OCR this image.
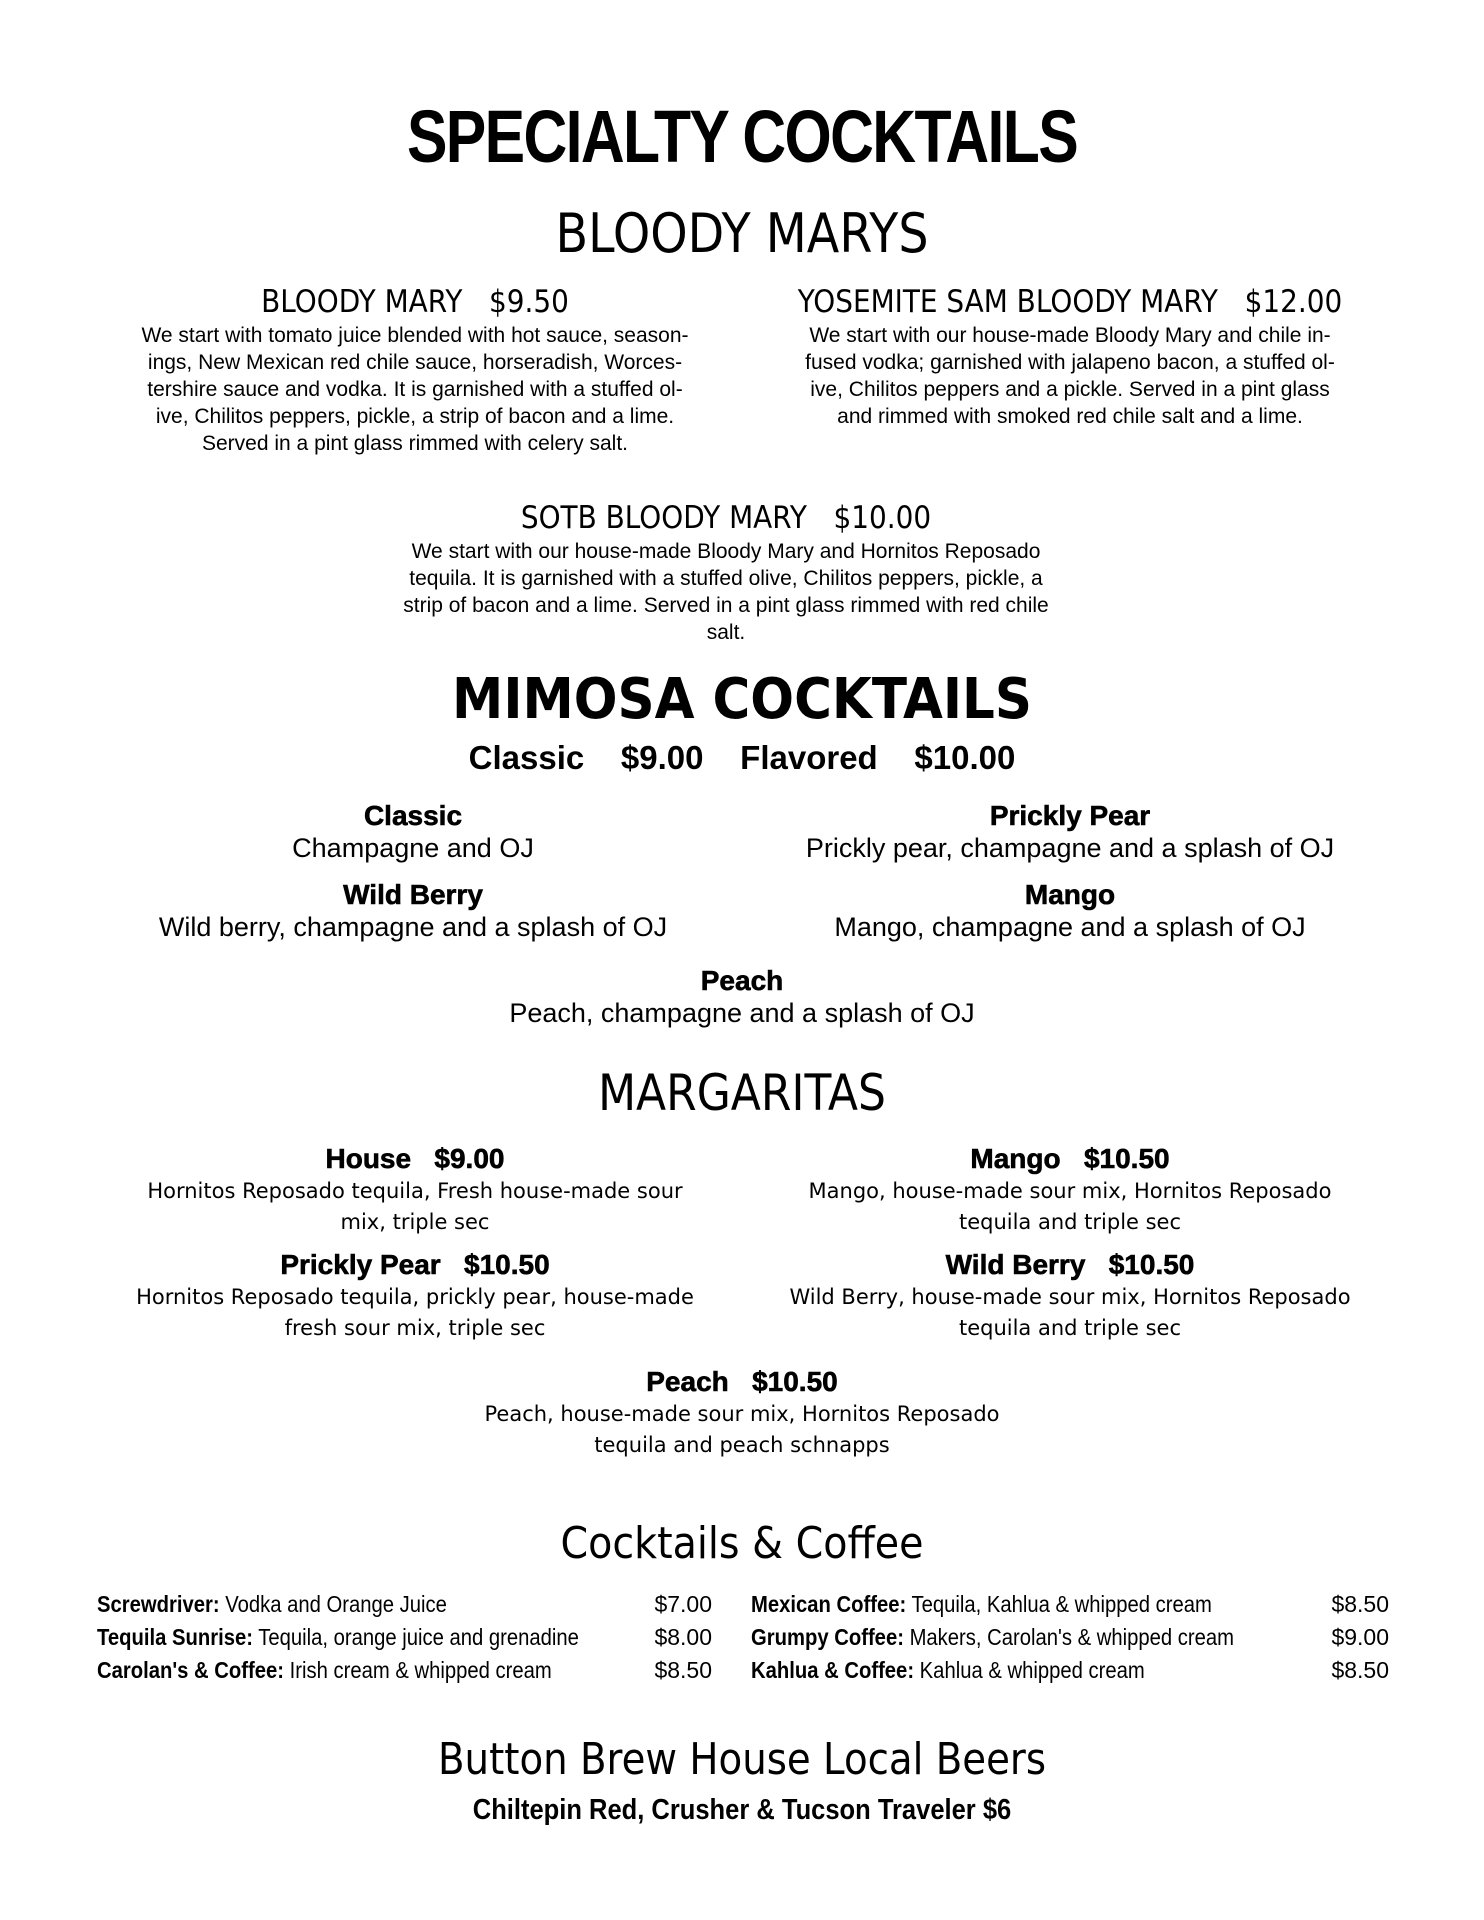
SPECIALTY COCKTAILS
BLOODY MARYS
BLOODY MARY   $9.50
We start with tomato juice blended with hot sauce, season-
ings, New Mexican red chile sauce, horseradish, Worces-
tershire sauce and vodka. It is garnished with a stuffed ol-
ive, Chilitos peppers, pickle, a strip of bacon and a lime.
Served in a pint glass rimmed with celery salt.
YOSEMITE SAM BLOODY MARY   $12.00
We start with our house-made Bloody Mary and chile in-
fused vodka; garnished with jalapeno bacon, a stuffed ol-
ive, Chilitos peppers and a pickle. Served in a pint glass
and rimmed with smoked red chile salt and a lime.
SOTB BLOODY MARY   $10.00
We start with our house-made Bloody Mary and Hornitos Reposado
tequila. It is garnished with a stuffed olive, Chilitos peppers, pickle, a
strip of bacon and a lime. Served in a pint glass rimmed with red chile
salt.
MIMOSA COCKTAILS
Classic    $9.00    Flavored    $10.00
Classic
Champagne and OJ
Prickly Pear
Prickly pear, champagne and a splash of OJ
Wild Berry
Wild berry, champagne and a splash of OJ
Mango
Mango, champagne and a splash of OJ
Peach
Peach, champagne and a splash of OJ
MARGARITAS
House   $9.00
Hornitos Reposado tequila, Fresh house-made sour
mix, triple sec
Mango   $10.50
Mango, house-made sour mix, Hornitos Reposado
tequila and triple sec
Prickly Pear   $10.50
Hornitos Reposado tequila, prickly pear, house-made
fresh sour mix, triple sec
Wild Berry   $10.50
Wild Berry, house-made sour mix, Hornitos Reposado
tequila and triple sec
Peach   $10.50
Peach, house-made sour mix, Hornitos Reposado
tequila and peach schnapps
Cocktails & Coffee
Screwdriver: Vodka and Orange Juice	$7.00
Tequila Sunrise: Tequila, orange juice and grenadine	$8.00
Carolan's & Coffee: Irish cream & whipped cream	$8.50
Mexican Coffee: Tequila, Kahlua & whipped cream	$8.50
Grumpy Coffee: Makers, Carolan's & whipped cream	$9.00
Kahlua & Coffee: Kahlua & whipped cream	$8.50
Button Brew House Local Beers
Chiltepin Red, Crusher & Tucson Traveler $6
